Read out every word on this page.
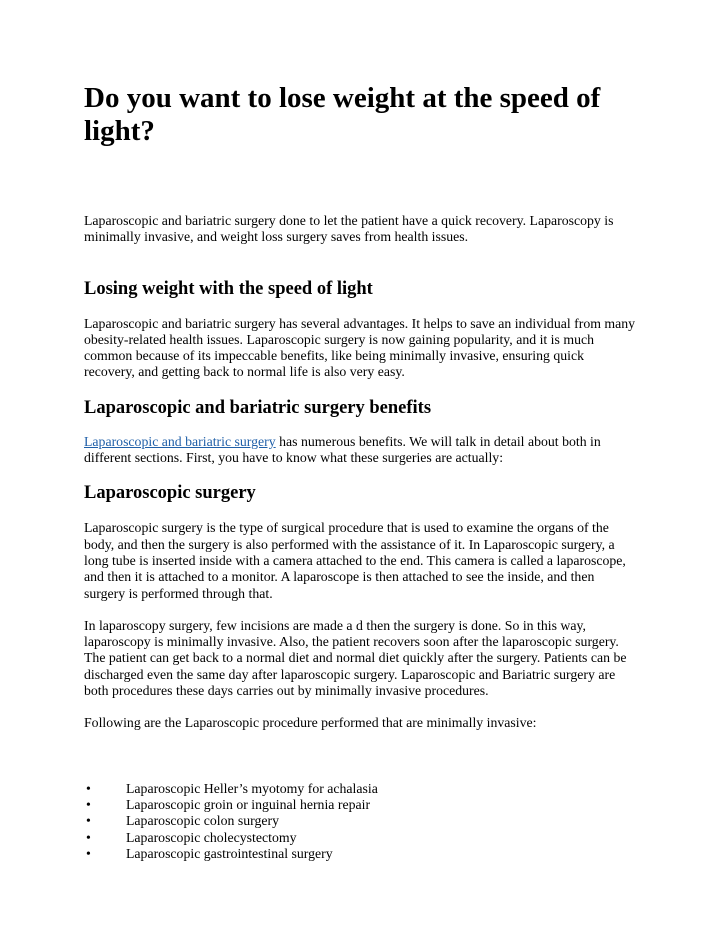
Do you want to lose weight at the speed of light?

Laparoscopic and bariatric surgery done to let the patient have a quick recovery. Laparoscopy is minimally invasive, and weight loss surgery saves from health issues.

Losing weight with the speed of light

Laparoscopic and bariatric surgery has several advantages. It helps to save an individual from many obesity-related health issues. Laparoscopic surgery is now gaining popularity, and it is much common because of its impeccable benefits, like being minimally invasive, ensuring quick recovery, and getting back to normal life is also very easy.

Laparoscopic and bariatric surgery benefits

Laparoscopic and bariatric surgery has numerous benefits. We will talk in detail about both in different sections. First, you have to know what these surgeries are actually:

Laparoscopic surgery

Laparoscopic surgery is the type of surgical procedure that is used to examine the organs of the body, and then the surgery is also performed with the assistance of it. In Laparoscopic surgery, a long tube is inserted inside with a camera attached to the end. This camera is called a laparoscope, and then it is attached to a monitor. A laparoscope is then attached to see the inside, and then surgery is performed through that.

In laparoscopy surgery, few incisions are made a d then the surgery is done. So in this way, laparoscopy is minimally invasive. Also, the patient recovers soon after the laparoscopic surgery. The patient can get back to a normal diet and normal diet quickly after the surgery. Patients can be discharged even the same day after laparoscopic surgery. Laparoscopic and Bariatric surgery are both procedures these days carries out by minimally invasive procedures.

Following are the Laparoscopic procedure performed that are minimally invasive:

•	Laparoscopic Heller’s myotomy for achalasia
•	Laparoscopic groin or inguinal hernia repair
•	Laparoscopic colon surgery
•	Laparoscopic cholecystectomy
•	Laparoscopic gastrointestinal surgery
